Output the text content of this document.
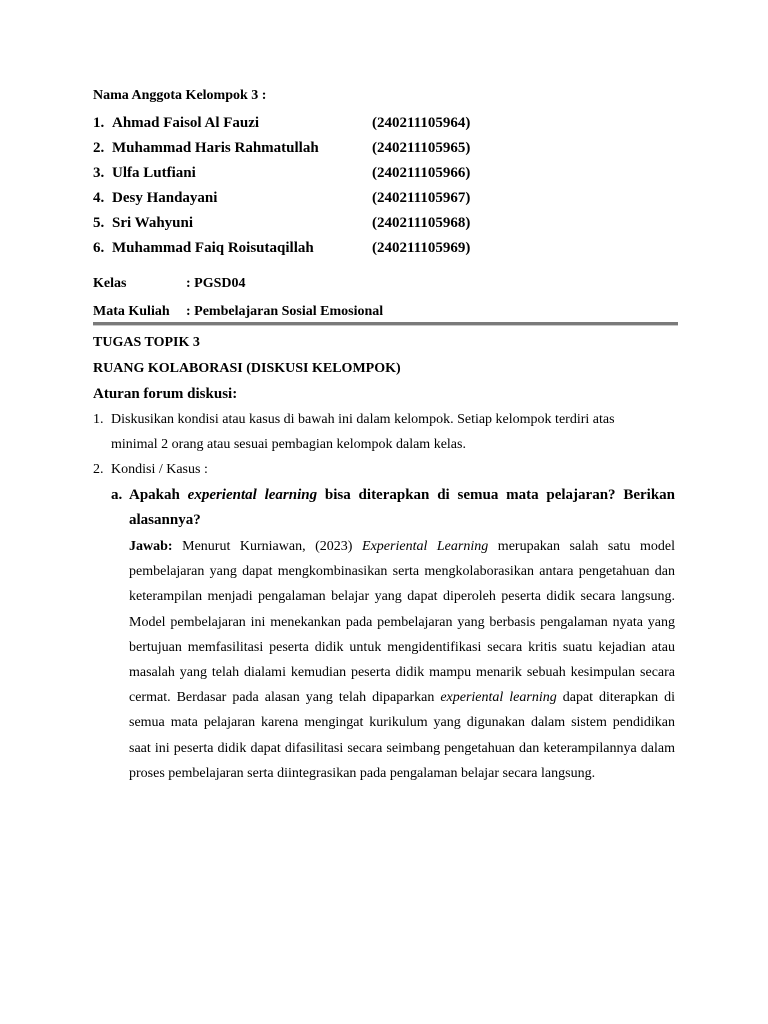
Nama Anggota Kelompok 3 :
1. Ahmad Faisol Al Fauzi	(240211105964)
2. Muhammad Haris Rahmatullah	(240211105965)
3. Ulfa Lutfiani	(240211105966)
4. Desy Handayani	(240211105967)
5. Sri Wahyuni	(240211105968)
6. Muhammad Faiq Roisutaqillah	(240211105969)
Kelas	: PGSD04
Mata Kuliah : Pembelajaran Sosial Emosional
TUGAS TOPIK 3
RUANG KOLABORASI (DISKUSI KELOMPOK)
Aturan forum diskusi:
1. Diskusikan kondisi atau kasus di bawah ini dalam kelompok. Setiap kelompok terdiri atas
minimal 2 orang atau sesuai pembagian kelompok dalam kelas.
2. Kondisi / Kasus :
a. Apakah experiental learning bisa diterapkan di semua mata pelajaran? Berikan
alasannya?
Jawab: Menurut Kurniawan, (2023) Experiental Learning merupakan salah satu model pembelajaran yang dapat mengkombinasikan serta mengkolaborasikan antara pengetahuan dan keterampilan menjadi pengalaman belajar yang dapat diperoleh peserta didik secara langsung. Model pembelajaran ini menekankan pada pembelajaran yang berbasis pengalaman nyata yang bertujuan memfasilitasi peserta didik untuk mengidentifikasi secara kritis suatu kejadian atau masalah yang telah dialami kemudian peserta didik mampu menarik sebuah kesimpulan secara cermat. Berdasar pada alasan yang telah dipaparkan experiental learning dapat diterapkan di semua mata pelajaran karena mengingat kurikulum yang digunakan dalam sistem pendidikan saat ini peserta didik dapat difasilitasi secara seimbang pengetahuan dan keterampilannya dalam proses pembelajaran serta diintegrasikan pada pengalaman belajar secara langsung.
